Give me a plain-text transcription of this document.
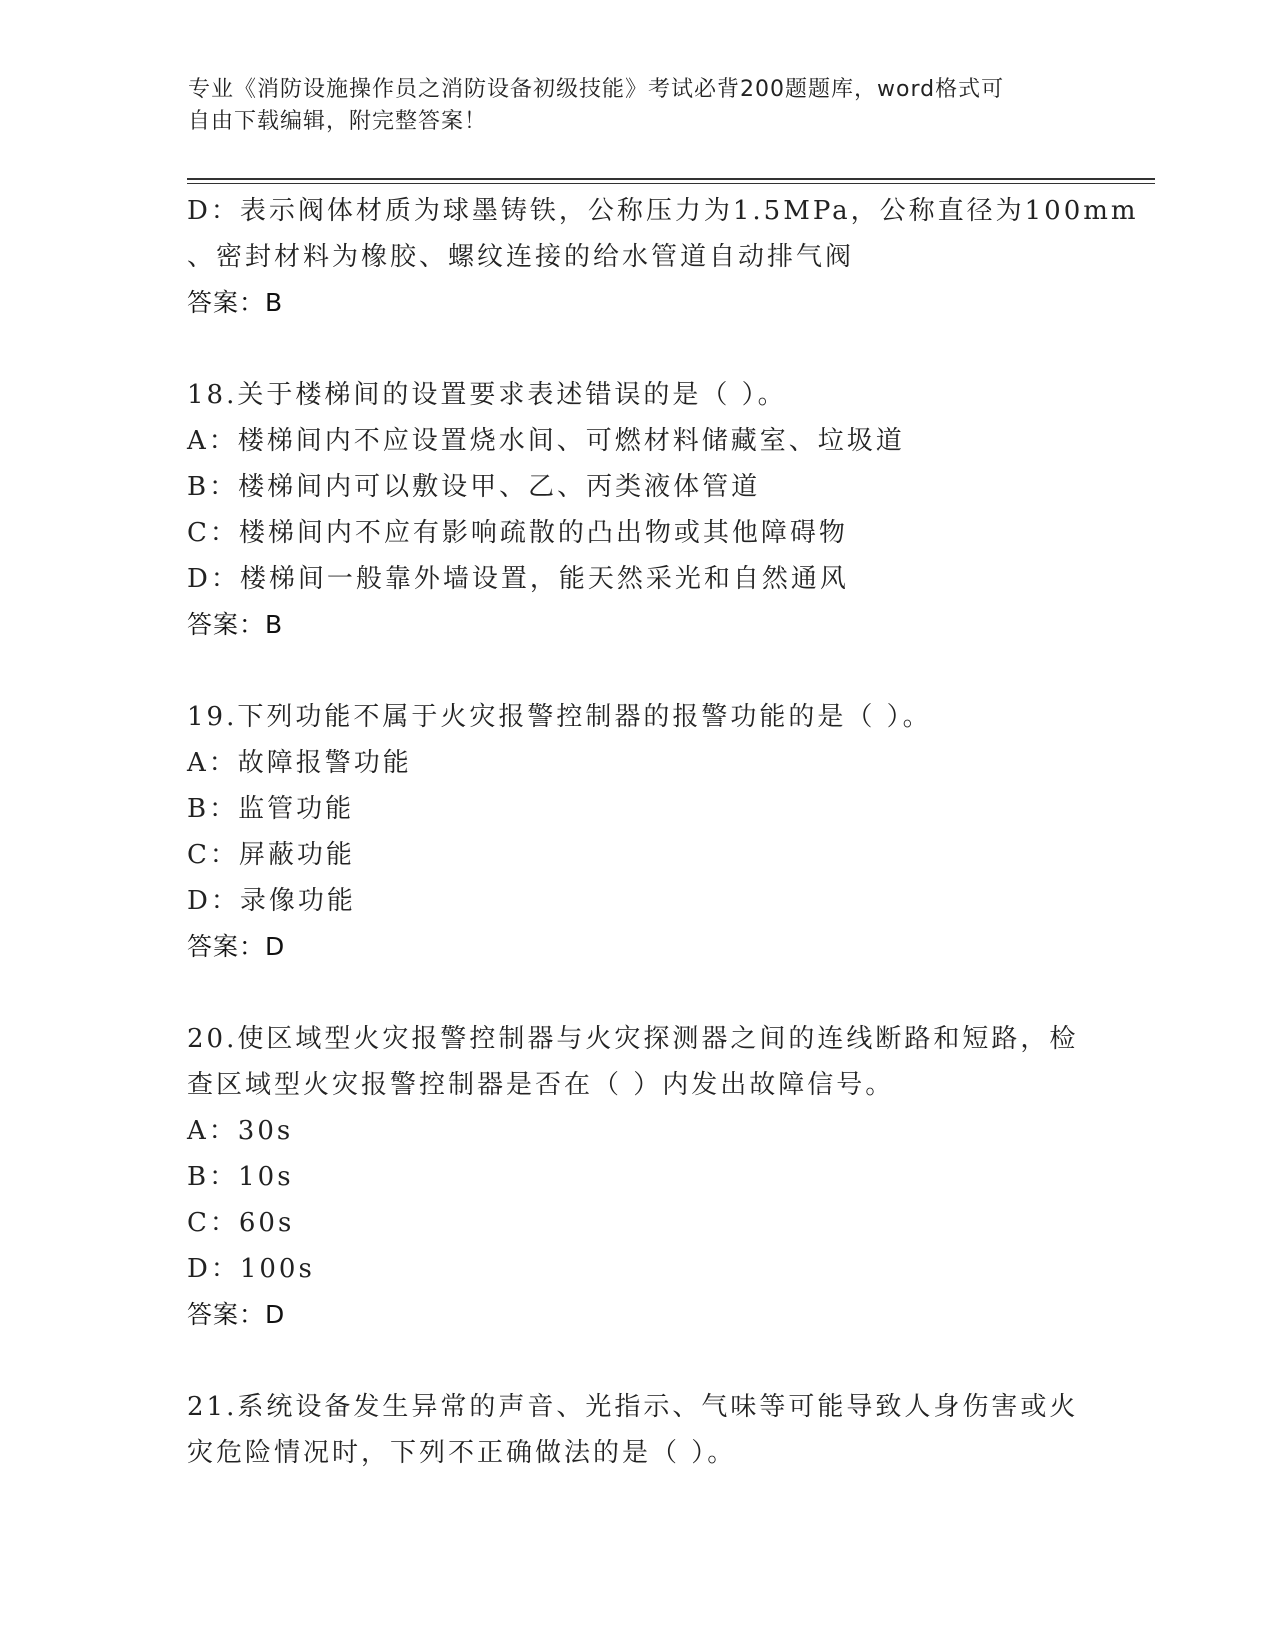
专业《消防设施操作员之消防设备初级技能》考试必背200题题库，word格式可
自由下载编辑，附完整答案！
D：表示阀体材质为球墨铸铁，公称压力为1.5MPa，公称直径为100mm
、密封材料为橡胶、螺纹连接的给水管道自动排气阀
答案：B
18.关于楼梯间的设置要求表述错误的是（ ）。
A：楼梯间内不应设置烧水间、可燃材料储藏室、垃圾道
B：楼梯间内可以敷设甲、乙、丙类液体管道
C：楼梯间内不应有影响疏散的凸出物或其他障碍物
D：楼梯间一般靠外墙设置，能天然采光和自然通风
答案：B
19.下列功能不属于火灾报警控制器的报警功能的是（ ）。
A：故障报警功能
B：监管功能
C：屏蔽功能
D：录像功能
答案：D
20.使区域型火灾报警控制器与火灾探测器之间的连线断路和短路，检
查区域型火灾报警控制器是否在（ ）内发出故障信号。
A：30s
B：10s
C：60s
D：100s
答案：D
21.系统设备发生异常的声音、光指示、气味等可能导致人身伤害或火
灾危险情况时，下列不正确做法的是（ ）。
